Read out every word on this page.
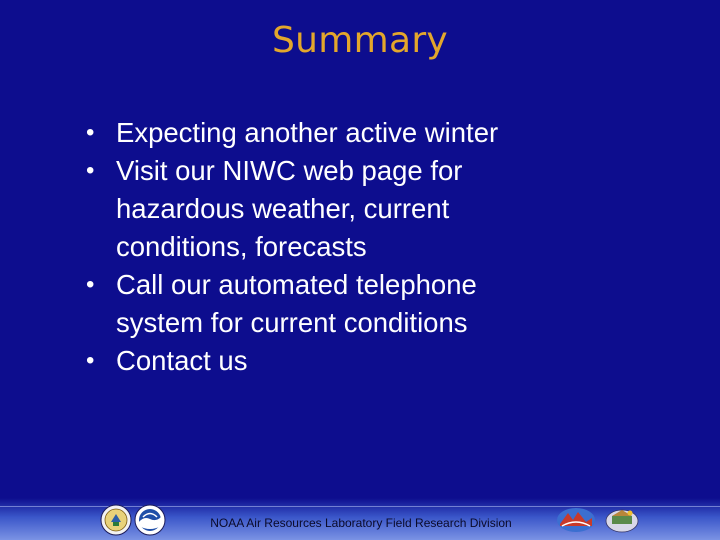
Summary
• Expecting another active winter
• Visit our NIWC web page for
hazardous weather, current
conditions, forecasts
• Call our automated telephone
system for current conditions
• Contact us
NOAA Air Resources Laboratory Field Research Division
